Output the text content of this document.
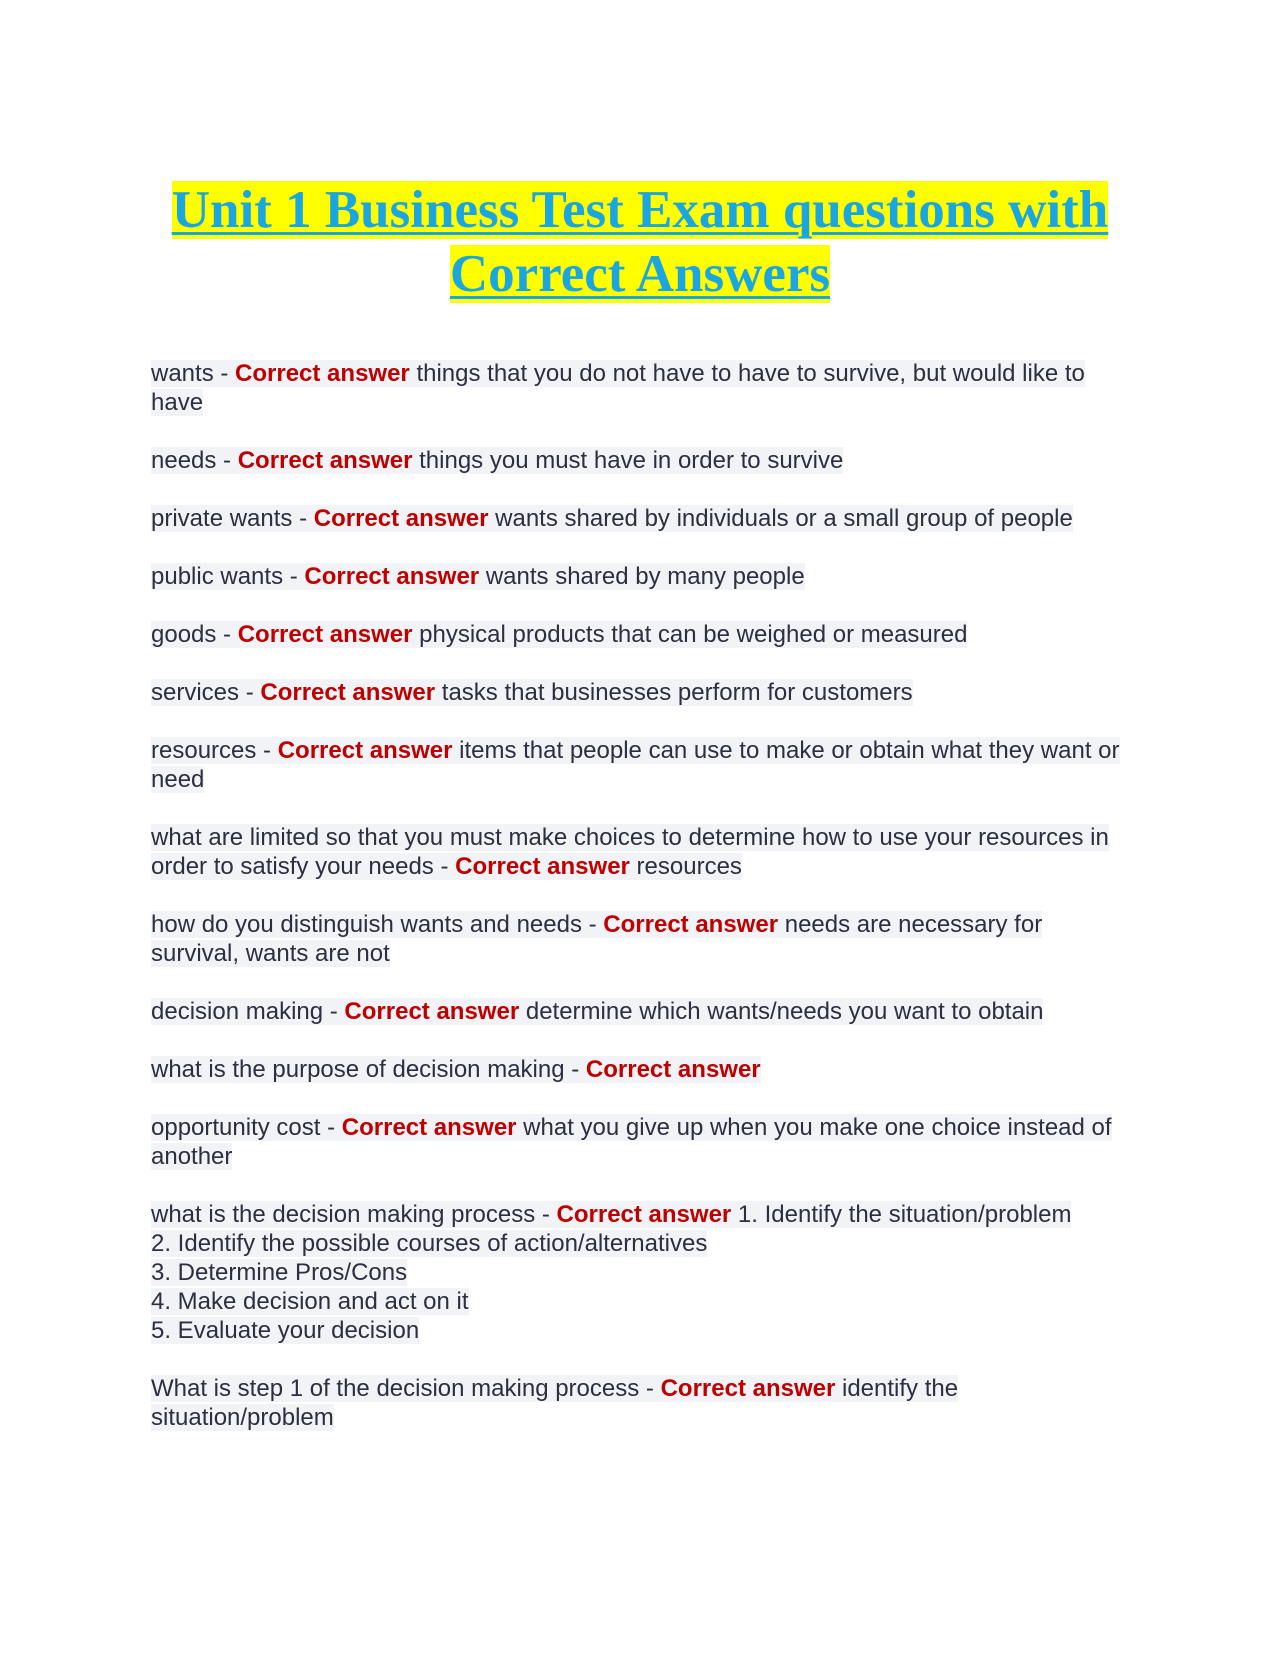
Unit 1 Business Test Exam questions with
Correct Answers

wants - Correct answer things that you do not have to have to survive, but would like to have

needs - Correct answer things you must have in order to survive

private wants - Correct answer wants shared by individuals or a small group of people

public wants - Correct answer wants shared by many people

goods - Correct answer physical products that can be weighed or measured

services - Correct answer tasks that businesses perform for customers

resources - Correct answer items that people can use to make or obtain what they want or need

what are limited so that you must make choices to determine how to use your resources in order to satisfy your needs - Correct answer resources

how do you distinguish wants and needs - Correct answer needs are necessary for survival, wants are not

decision making - Correct answer determine which wants/needs you want to obtain

what is the purpose of decision making - Correct answer

opportunity cost - Correct answer what you give up when you make one choice instead of another

what is the decision making process - Correct answer 1. Identify the situation/problem
2. Identify the possible courses of action/alternatives
3. Determine Pros/Cons
4. Make decision and act on it
5. Evaluate your decision

What is step 1 of the decision making process - Correct answer identify the situation/problem
